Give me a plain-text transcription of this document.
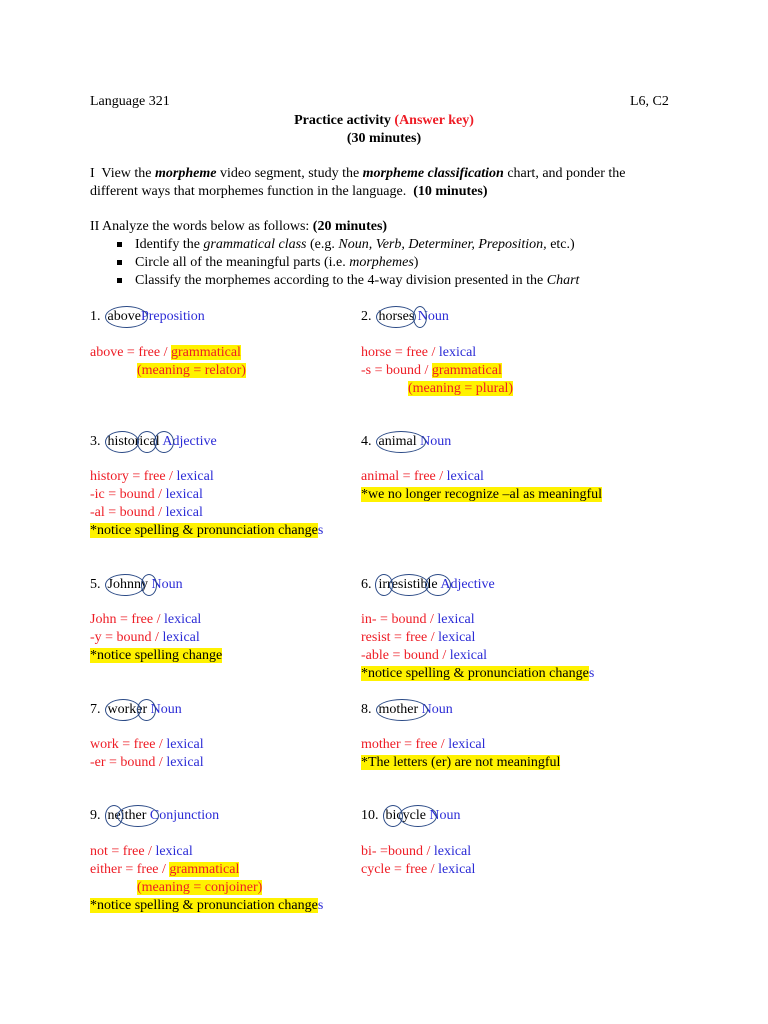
Language 321	L6, C2
Practice activity (Answer key)
(30 minutes)
I View the morpheme video segment, study the morpheme classification chart, and ponder the
different ways that morphemes function in the language. (10 minutes)
II Analyze the words below as follows: (20 minutes)
Identify the grammatical class (e.g. Noun, Verb, Determiner, Preposition, etc.)
Circle all of the meaningful parts (i.e. morphemes)
Classify the morphemes according to the 4-way division presented in the Chart
1. above
Preposition
above = free / grammatical
(meaning = relator)
2. horses Noun
horse = free / lexical
-s = bound / grammatical
(meaning = plural)
3. historical Adjective
history = free / lexical
-ic = bound / lexical
-al = bound / lexical
*notice spelling & pronunciation changes
4. animal Noun
animal = free / lexical
*we no longer recognize –al as meaningful
5. Johnny Noun
John = free / lexical
-y = bound / lexical
*notice spelling change
6. irresistible Adjective
in- = bound / lexical
resist = free / lexical
-able = bound / lexical
*notice spelling & pronunciation changes
7. worker Noun
work = free / lexical
-er = bound / lexical
8. mother Noun
mother = free / lexical
*The letters (er) are not meaningful
9. neither Conjunction
not = free / lexical
either = free / grammatical
(meaning = conjoiner)
*notice spelling & pronunciation changes
10. bicycle Noun
bi- =bound / lexical
cycle = free / lexical
